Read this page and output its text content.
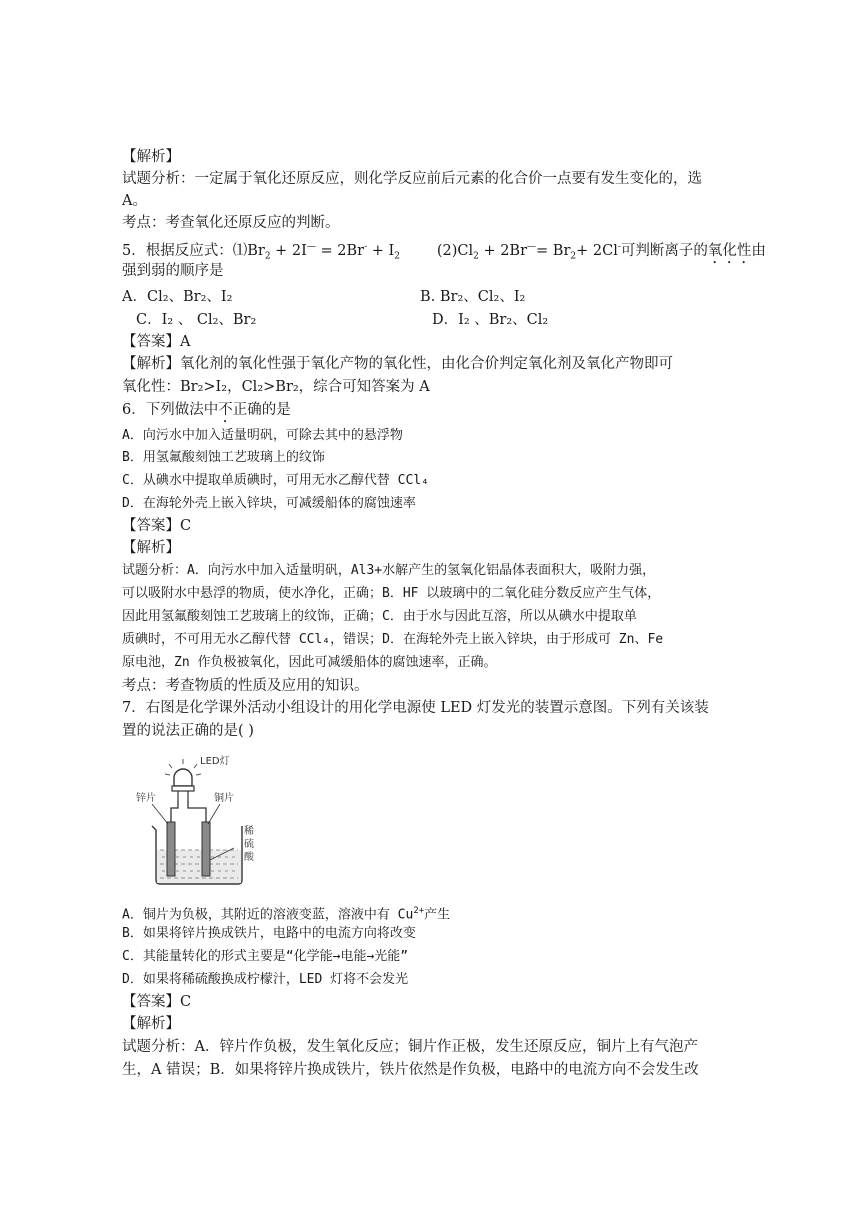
【解析】
试题分析：一定属于氧化还原反应，则化学反应前后元素的化合价一点要有发生变化的，选
A。
考点：考查氧化还原反应的判断。
5．根据反应式：$⑴Br_2 + 2I^— = 2Br^- + I_2$	$(2)Cl_2 + 2Br^—= Br_2+ 2Cl^-$可判断离子的氧化性由
强到弱的顺序是
A．Cl₂、Br₂、I₂	B. Br₂、Cl₂、I₂
C．I₂ 、 Cl₂、Br₂	D．I₂ 、Br₂、Cl₂
【答案】A
【解析】氧化剂的氧化性强于氧化产物的氧化性，由化合价判定氧化剂及氧化产物即可
氧化性：Br₂>I₂，Cl₂>Br₂，综合可知答案为 A
6．下列做法中不正确的是
A．向污水中加入适量明矾，可除去其中的悬浮物
B．用氢氟酸刻蚀工艺玻璃上的纹饰
C．从碘水中提取单质碘时，可用无水乙醇代替 CCl₄
D．在海轮外壳上嵌入锌块，可减缓船体的腐蚀速率
【答案】C
【解析】
试题分析：A．向污水中加入适量明矾，Al3+水解产生的氢氧化铝晶体表面积大，吸附力强，
可以吸附水中悬浮的物质，使水净化，正确；B．HF 以玻璃中的二氧化硅分数反应产生气体，
因此用氢氟酸刻蚀工艺玻璃上的纹饰，正确；C．由于水与因此互溶，所以从碘水中提取单
质碘时，不可用无水乙醇代替 CCl₄，错误；D．在海轮外壳上嵌入锌块，由于形成可 Zn、Fe
原电池，Zn 作负极被氧化，因此可减缓船体的腐蚀速率，正确。
考点：考查物质的性质及应用的知识。
7．右图是化学课外活动小组设计的用化学电源使 LED 灯发光的装置示意图。下列有关该装
置的说法正确的是( )
LED灯
锌片	铜片
稀
硫
酸
A．铜片为负极，其附近的溶液变蓝，溶液中有 $Cu^{2+}$产生
B．如果将锌片换成铁片，电路中的电流方向将改变
C．其能量转化的形式主要是“化学能→电能→光能”
D．如果将稀硫酸换成柠檬汁，LED 灯将不会发光
【答案】C
【解析】
试题分析：A．锌片作负极，发生氧化反应；铜片作正极，发生还原反应，铜片上有气泡产
生，A 错误；B．如果将锌片换成铁片，铁片依然是作负极，电路中的电流方向不会发生改
